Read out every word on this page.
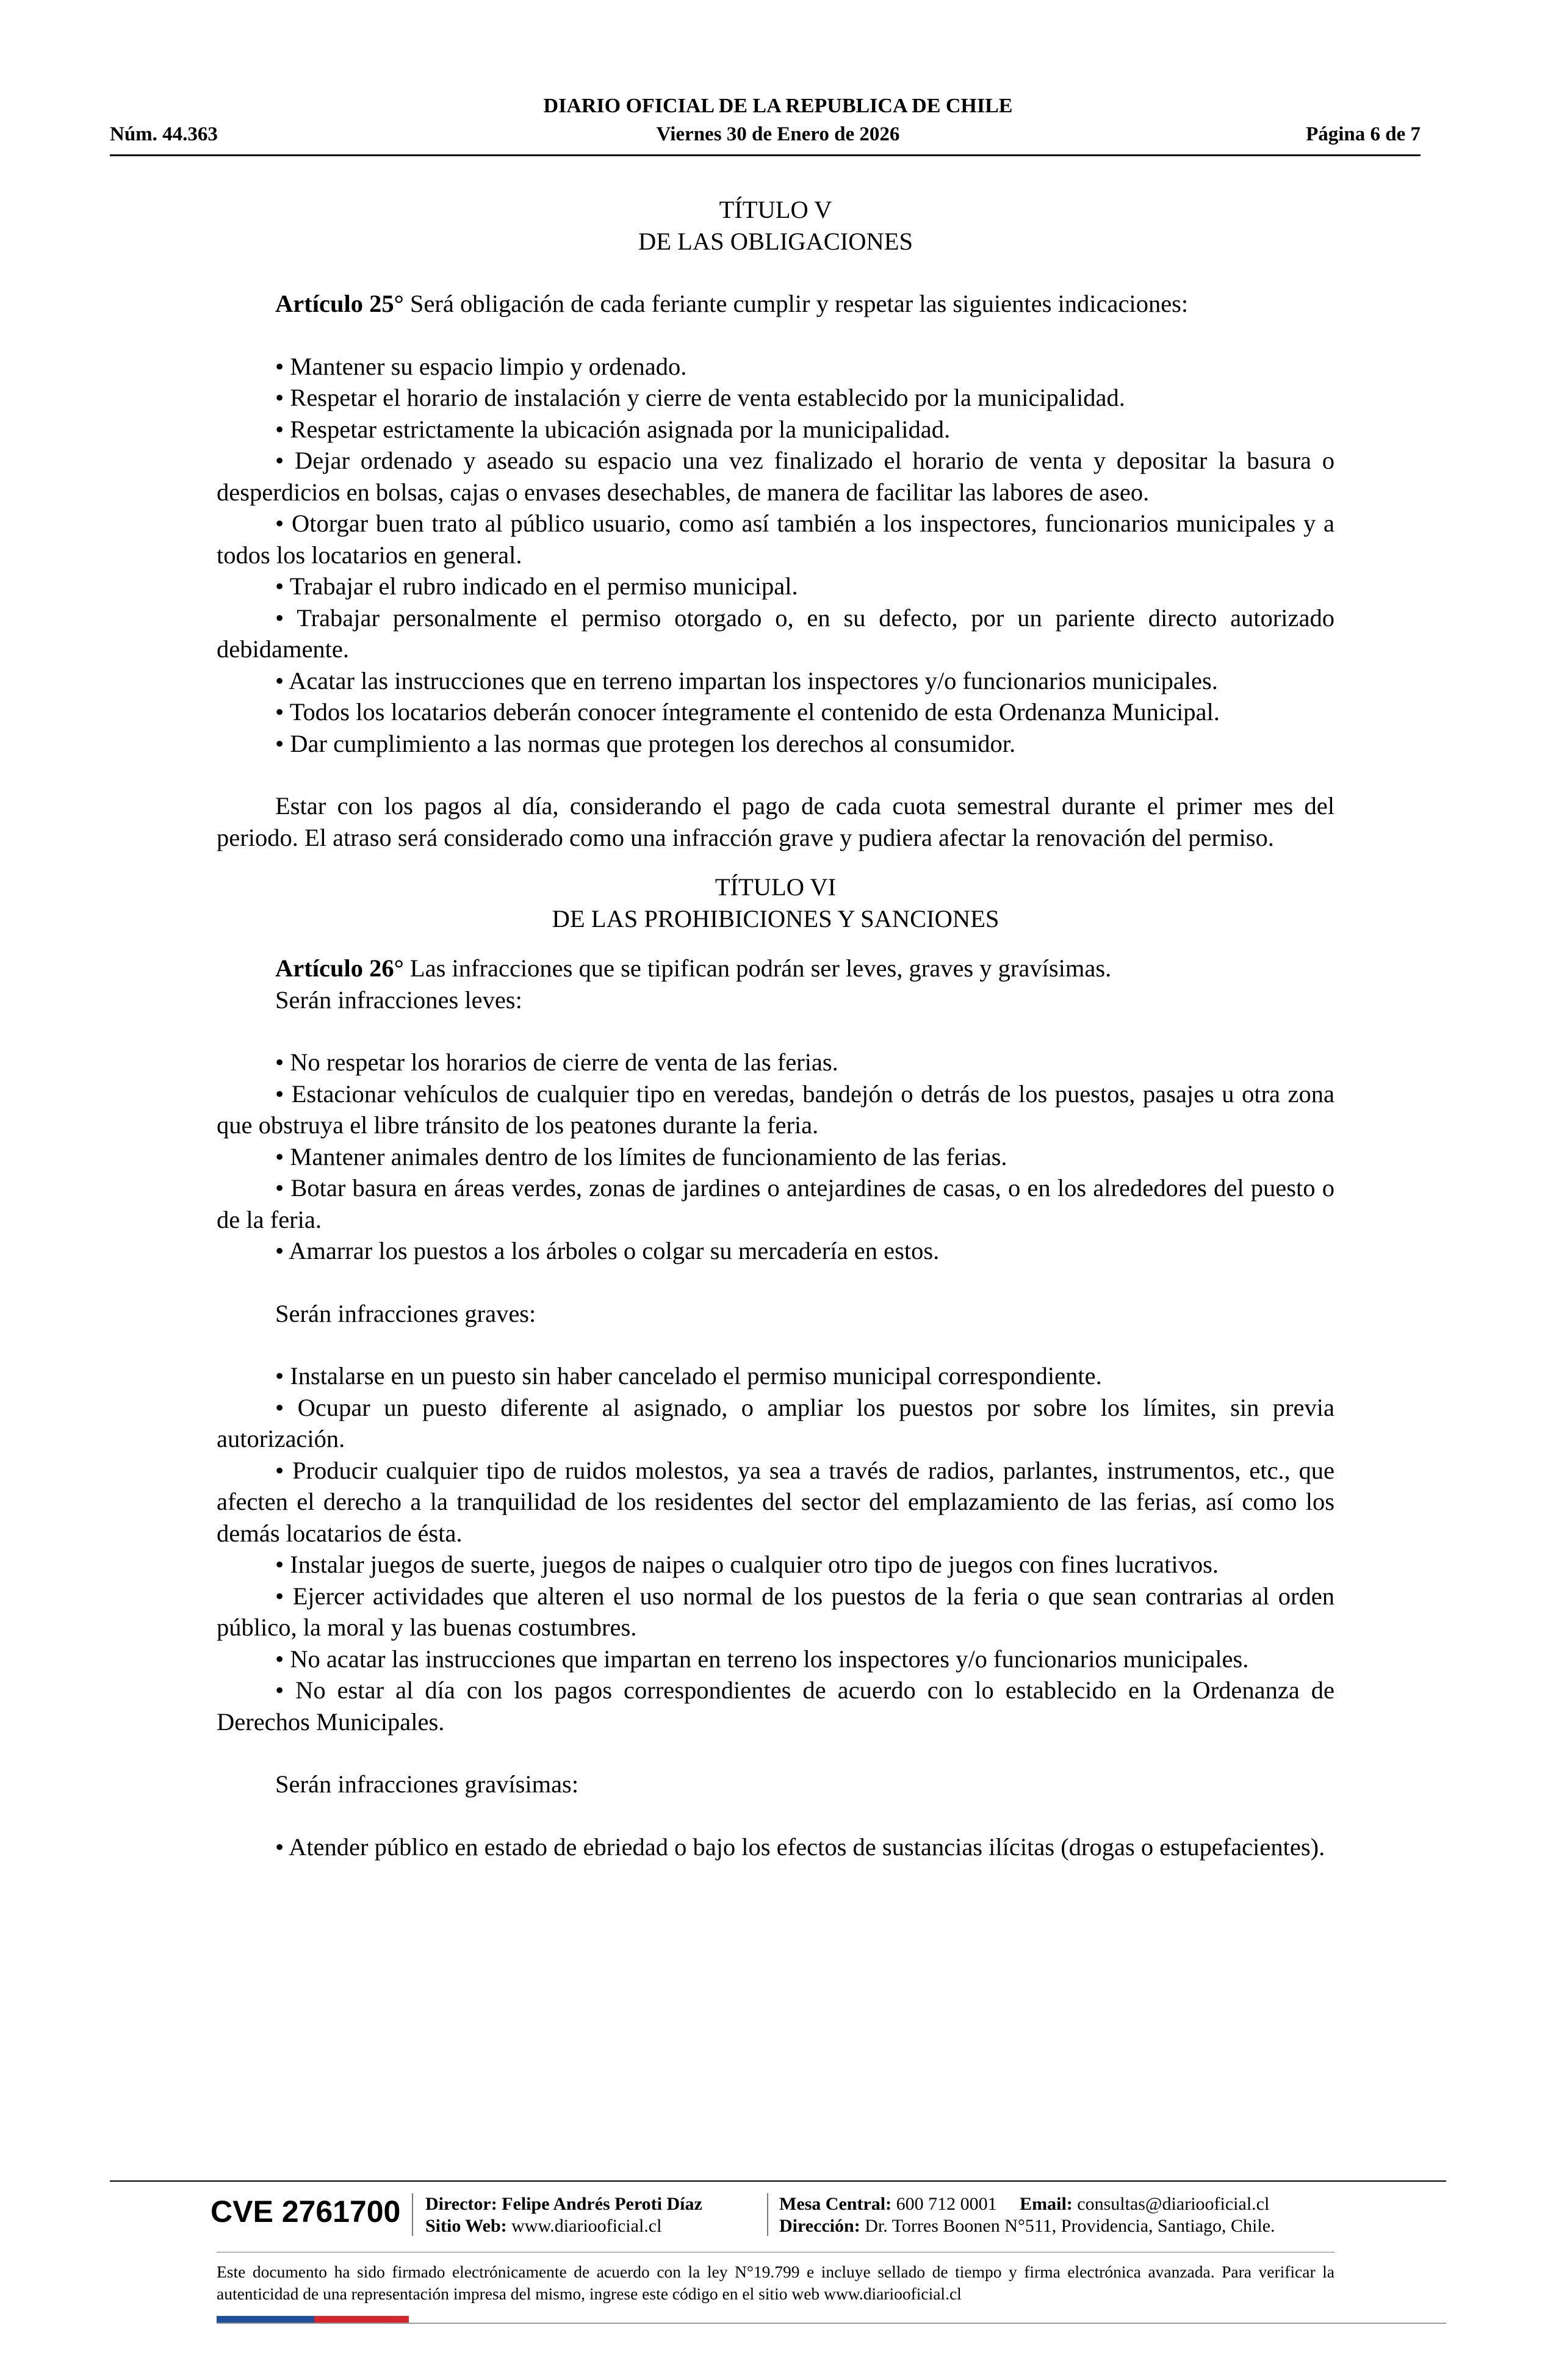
DIARIO OFICIAL DE LA REPUBLICA DE CHILE
Núm. 44.363	Viernes 30 de Enero de 2026	Página 6 de 7

TÍTULO V

DE LAS OBLIGACIONES

Artículo 25° Será obligación de cada feriante cumplir y respetar las siguientes indicaciones:

• Mantener su espacio limpio y ordenado.

• Respetar el horario de instalación y cierre de venta establecido por la municipalidad.

• Respetar estrictamente la ubicación asignada por la municipalidad.

• Dejar ordenado y aseado su espacio una vez finalizado el horario de venta y depositar la basura o desperdicios en bolsas, cajas o envases desechables, de manera de facilitar las labores de aseo.

• Otorgar buen trato al público usuario, como así también a los inspectores, funcionarios municipales y a todos los locatarios en general.

• Trabajar el rubro indicado en el permiso municipal.

• Trabajar personalmente el permiso otorgado o, en su defecto, por un pariente directo autorizado debidamente.

• Acatar las instrucciones que en terreno impartan los inspectores y/o funcionarios municipales.

• Todos los locatarios deberán conocer íntegramente el contenido de esta Ordenanza Municipal.

• Dar cumplimiento a las normas que protegen los derechos al consumidor.

Estar con los pagos al día, considerando el pago de cada cuota semestral durante el primer mes del periodo. El atraso será considerado como una infracción grave y pudiera afectar la renovación del permiso.

TÍTULO VI

DE LAS PROHIBICIONES Y SANCIONES

Artículo 26° Las infracciones que se tipifican podrán ser leves, graves y gravísimas.

Serán infracciones leves:

• No respetar los horarios de cierre de venta de las ferias.

• Estacionar vehículos de cualquier tipo en veredas, bandejón o detrás de los puestos, pasajes u otra zona que obstruya el libre tránsito de los peatones durante la feria.

• Mantener animales dentro de los límites de funcionamiento de las ferias.

• Botar basura en áreas verdes, zonas de jardines o antejardines de casas, o en los alrededores del puesto o de la feria.

• Amarrar los puestos a los árboles o colgar su mercadería en estos.

Serán infracciones graves:

• Instalarse en un puesto sin haber cancelado el permiso municipal correspondiente.

• Ocupar un puesto diferente al asignado, o ampliar los puestos por sobre los límites, sin previa autorización.

• Producir cualquier tipo de ruidos molestos, ya sea a través de radios, parlantes, instrumentos, etc., que afecten el derecho a la tranquilidad de los residentes del sector del emplazamiento de las ferias, así como los demás locatarios de ésta.

• Instalar juegos de suerte, juegos de naipes o cualquier otro tipo de juegos con fines lucrativos.

• Ejercer actividades que alteren el uso normal de los puestos de la feria o que sean contrarias al orden público, la moral y las buenas costumbres.

• No acatar las instrucciones que impartan en terreno los inspectores y/o funcionarios municipales.

• No estar al día con los pagos correspondientes de acuerdo con lo establecido en la Ordenanza de Derechos Municipales.

Serán infracciones gravísimas:

• Atender público en estado de ebriedad o bajo los efectos de sustancias ilícitas (drogas o estupefacientes).

CVE 2761700 Director: Felipe Andrés Peroti Díaz
Sitio Web: www.diariooficial.cl
Mesa Central: 600 712 0001 Email: consultas@diariooficial.cl
Dirección: Dr. Torres Boonen N°511, Providencia, Santiago, Chile.
Este documento ha sido firmado electrónicamente de acuerdo con la ley N°19.799 e incluye sellado de tiempo y firma electrónica avanzada. Para verificar la autenticidad de una representación impresa del mismo, ingrese este código en el sitio web www.diariooficial.cl
